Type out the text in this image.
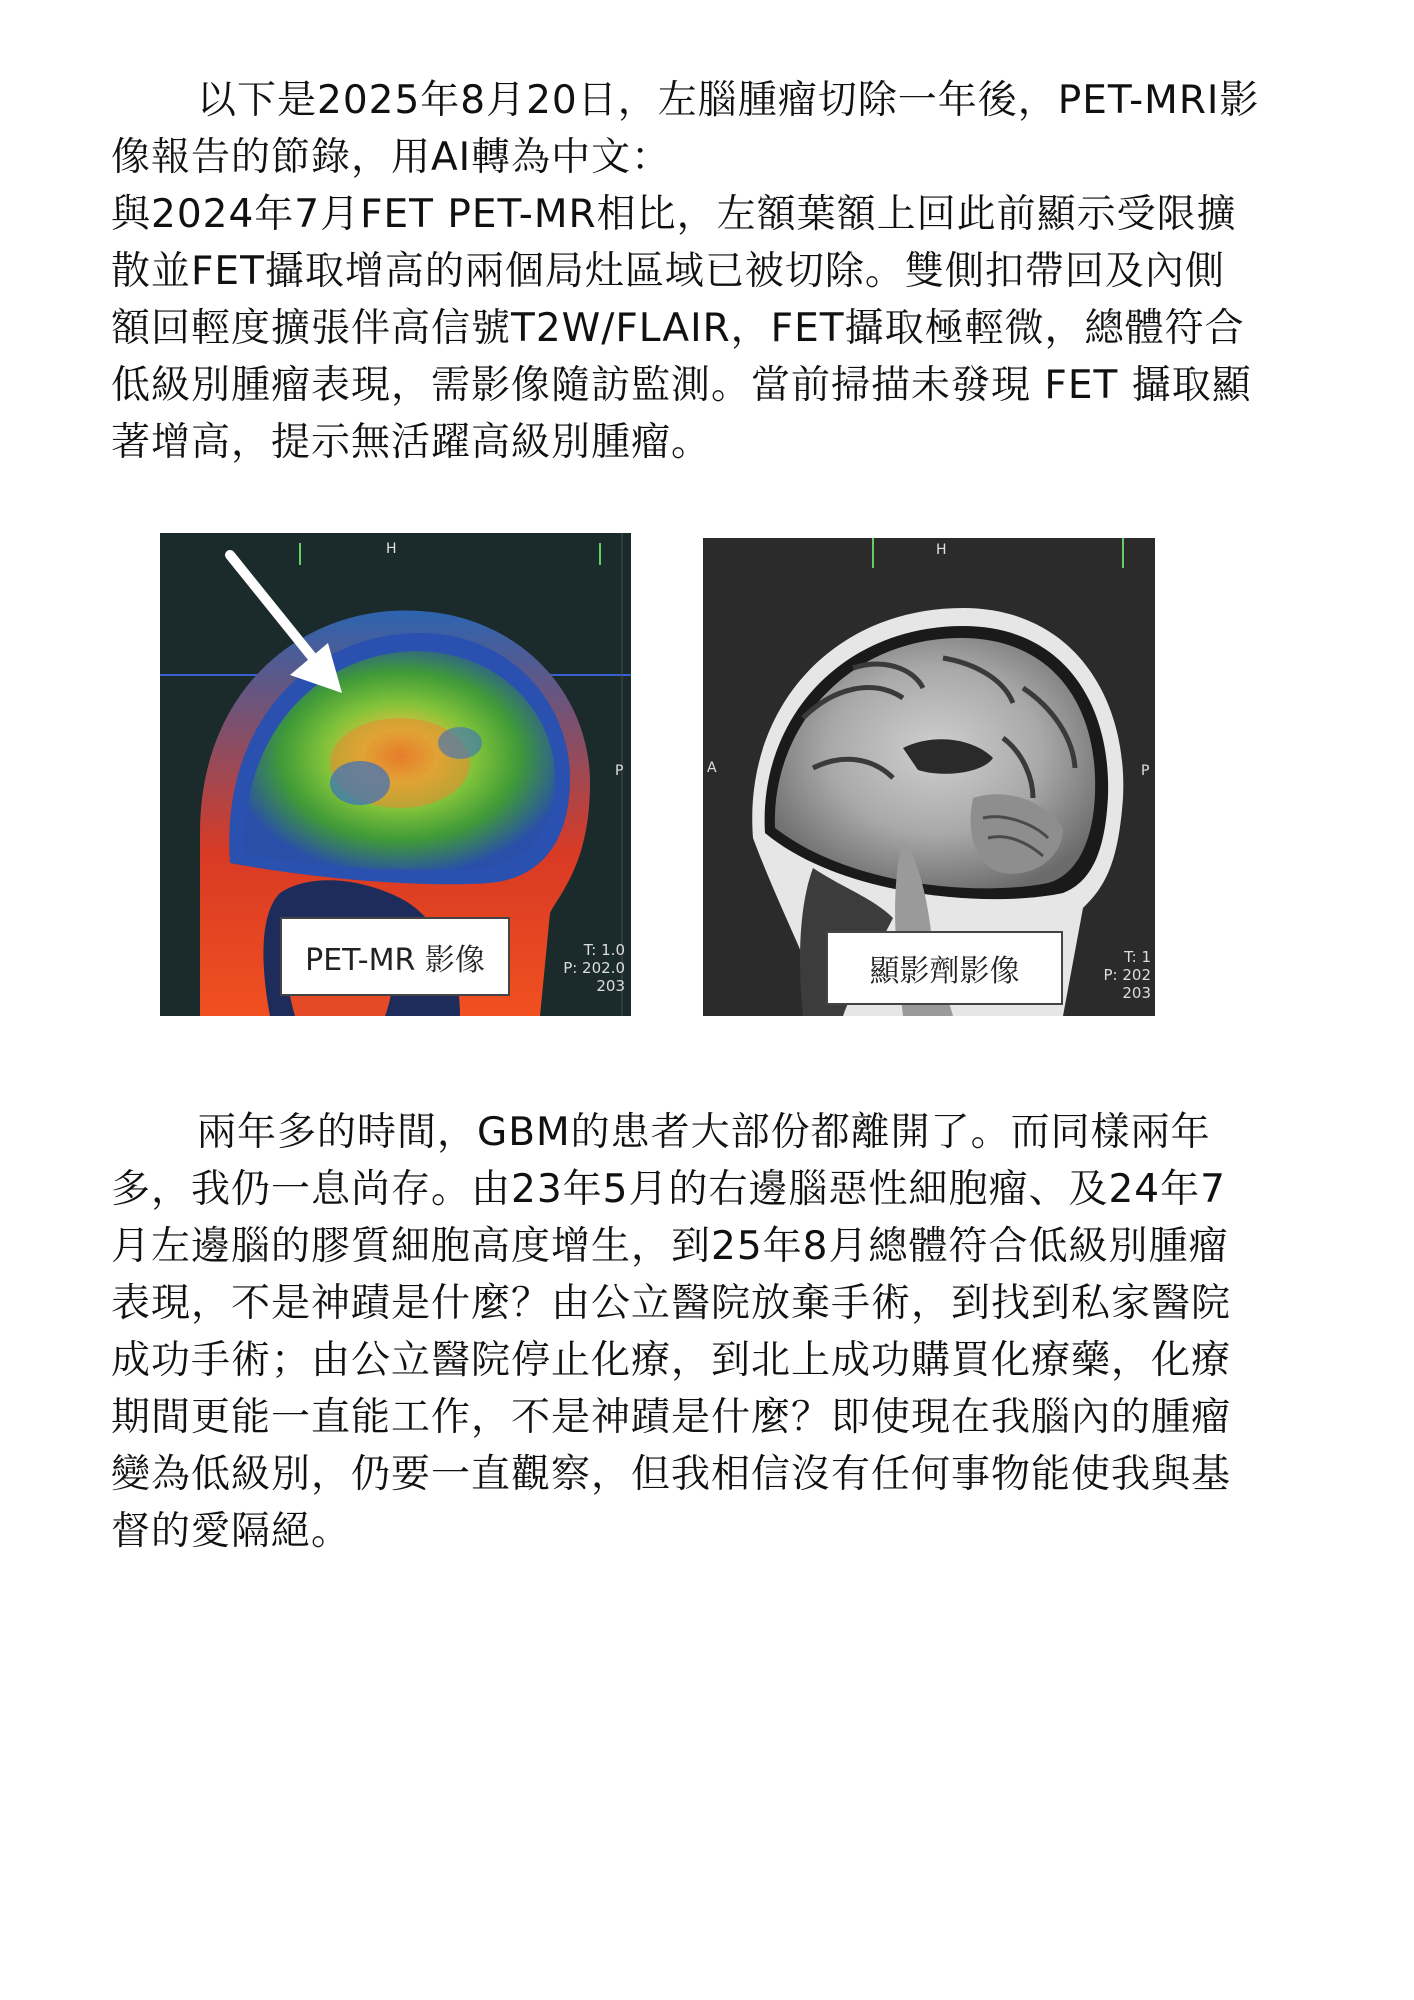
以下是2025年8月20日，左腦腫瘤切除一年後，PET-MRI影
像報告的節錄，用AI轉為中文：
與2024年7月FET PET-MR相比，左額葉額上回此前顯示受限擴
散並FET攝取增高的兩個局灶區域已被切除。雙側扣帶回及內側
額回輕度擴張伴高信號T2W/FLAIR，FET攝取極輕微，總體符合
低級別腫瘤表現，需影像隨訪監測。當前掃描未發現 FET 攝取顯
著增高，提示無活躍高級別腫瘤。
H
P
PET-MR 影像	T: 1.0
P: 202.0
203
H
A	P
顯影劑影像	T: 1
P: 202
203
兩年多的時間，GBM的患者大部份都離開了。而同樣兩年
多，我仍一息尚存。由23年5月的右邊腦惡性細胞瘤、及24年7
月左邊腦的膠質細胞高度增生，到25年8月總體符合低級別腫瘤
表現，不是神蹟是什麼？由公立醫院放棄手術，到找到私家醫院
成功手術；由公立醫院停止化療，到北上成功購買化療藥，化療
期間更能一直能工作，不是神蹟是什麼？即使現在我腦內的腫瘤
變為低級別，仍要一直觀察，但我相信沒有任何事物能使我與基
督的愛隔絕。
